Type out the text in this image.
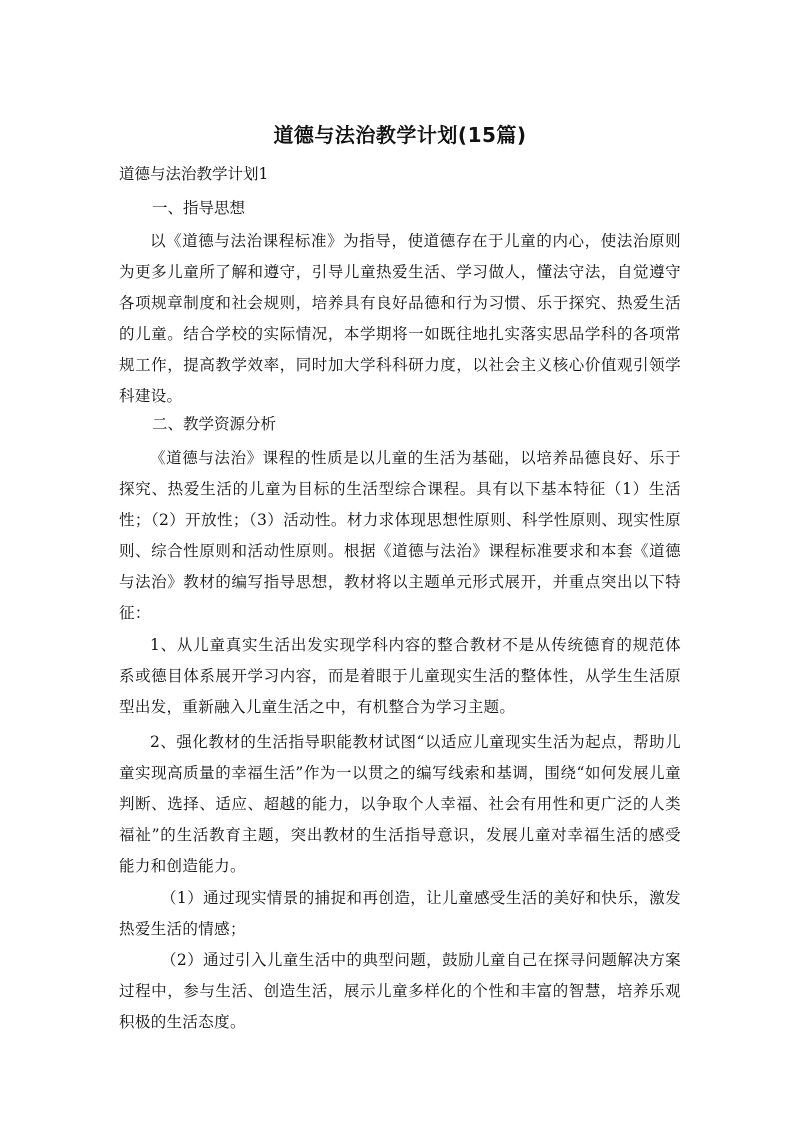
道德与法治教学计划(15篇)
道德与法治教学计划1
一、指导思想

以《道德与法治课程标准》为指导，使道德存在于儿童的内心，使法治原则为更多儿童所了解和遵守，引导儿童热爱生活、学习做人，懂法守法，自觉遵守各项规章制度和社会规则，培养具有良好品德和行为习惯、乐于探究、热爱生活的儿童。结合学校的实际情况，本学期将一如既往地扎实落实思品学科的各项常规工作，提高教学效率，同时加大学科科研力度，以社会主义核心价值观引领学科建设。

二、教学资源分析

《道德与法治》课程的性质是以儿童的生活为基础，以培养品德良好、乐于探究、热爱生活的儿童为目标的生活型综合课程。具有以下基本特征（1）生活性；（2）开放性；（3）活动性。材力求体现思想性原则、科学性原则、现实性原则、综合性原则和活动性原则。根据《道德与法治》课程标准要求和本套《道德与法治》教材的编写指导思想，教材将以主题单元形式展开，并重点突出以下特征：

1、从儿童真实生活出发实现学科内容的整合教材不是从传统德育的规范体系或德目体系展开学习内容，而是着眼于儿童现实生活的整体性，从学生生活原型出发，重新融入儿童生活之中，有机整合为学习主题。

2、强化教材的生活指导职能教材试图“以适应儿童现实生活为起点，帮助儿童实现高质量的幸福生活”作为一以贯之的编写线索和基调，围绕“如何发展儿童判断、选择、适应、超越的能力，以争取个人幸福、社会有用性和更广泛的人类福祉”的生活教育主题，突出教材的生活指导意识，发展儿童对幸福生活的感受能力和创造能力。

（1）通过现实情景的捕捉和再创造，让儿童感受生活的美好和快乐，激发热爱生活的情感；

（2）通过引入儿童生活中的典型问题，鼓励儿童自己在探寻问题解决方案过程中，参与生活、创造生活，展示儿童多样化的个性和丰富的智慧，培养乐观积极的生活态度。
